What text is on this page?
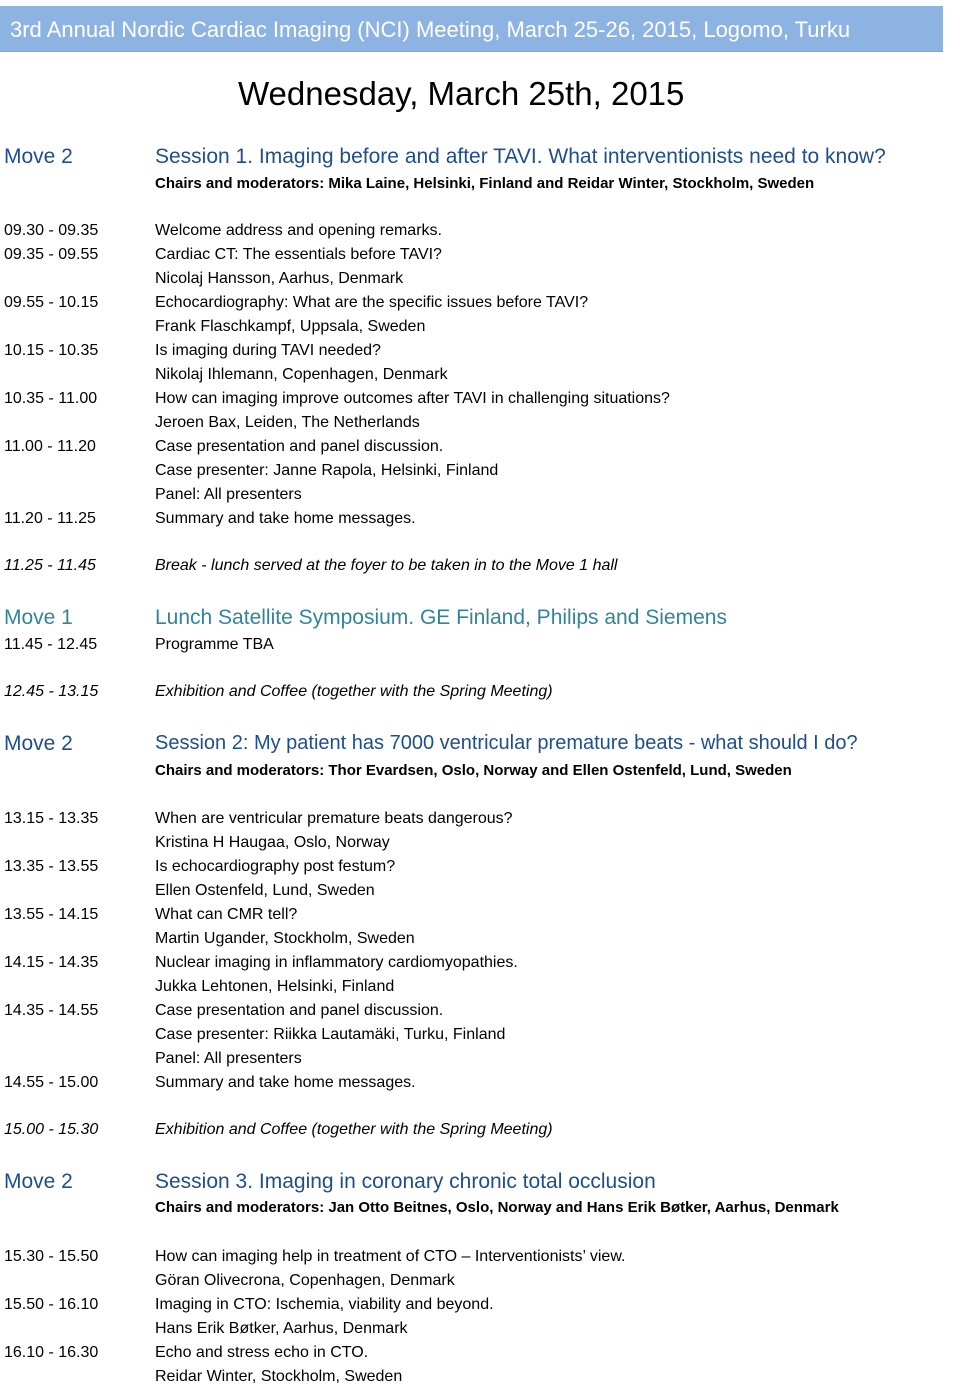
3rd Annual Nordic Cardiac Imaging (NCI) Meeting, March 25-26, 2015, Logomo, Turku
Wednesday, March 25th, 2015
Move 2	Session 1. Imaging before and after TAVI. What interventionists need to know?
Chairs and moderators: Mika Laine, Helsinki, Finland and Reidar Winter, Stockholm, Sweden
09.30 - 09.35	Welcome address and opening remarks.
09.35 - 09.55	Cardiac CT: The essentials before TAVI?
Nicolaj Hansson, Aarhus, Denmark
09.55 - 10.15	Echocardiography: What are the specific issues before TAVI?
Frank Flaschkampf, Uppsala, Sweden
10.15 - 10.35	Is imaging during TAVI needed?
Nikolaj Ihlemann, Copenhagen, Denmark
10.35 - 11.00	How can imaging improve outcomes after TAVI in challenging situations?
Jeroen Bax, Leiden, The Netherlands
11.00 - 11.20	Case presentation and panel discussion.
Case presenter: Janne Rapola, Helsinki, Finland
Panel: All presenters
11.20 - 11.25	Summary and take home messages.
11.25 - 11.45	Break - lunch served at the foyer to be taken in to the Move 1 hall
Move 1	Lunch Satellite Symposium. GE Finland, Philips and Siemens
11.45 - 12.45	Programme TBA
12.45 - 13.15	Exhibition and Coffee (together with the Spring Meeting)
Move 2	Session 2: My patient has 7000 ventricular premature beats - what should I do?
Chairs and moderators: Thor Evardsen, Oslo, Norway and Ellen Ostenfeld, Lund, Sweden
13.15 - 13.35	When are ventricular premature beats dangerous?
Kristina H Haugaa, Oslo, Norway
13.35 - 13.55	Is echocardiography post festum?
Ellen Ostenfeld, Lund, Sweden
13.55 - 14.15	What can CMR tell?
Martin Ugander, Stockholm, Sweden
14.15 - 14.35	Nuclear imaging in inflammatory cardiomyopathies.
Jukka Lehtonen, Helsinki, Finland
14.35 - 14.55	Case presentation and panel discussion.
Case presenter: Riikka Lautamäki, Turku, Finland
Panel: All presenters
14.55 - 15.00	Summary and take home messages.
15.00 - 15.30	Exhibition and Coffee (together with the Spring Meeting)
Move 2	Session 3. Imaging in coronary chronic total occlusion
Chairs and moderators: Jan Otto Beitnes, Oslo, Norway and Hans Erik Bøtker, Aarhus, Denmark
15.30 - 15.50	How can imaging help in treatment of CTO – Interventionists’ view.
Göran Olivecrona, Copenhagen, Denmark
15.50 - 16.10	Imaging in CTO: Ischemia, viability and beyond.
Hans Erik Bøtker, Aarhus, Denmark
16.10 - 16.30	Echo and stress echo in CTO.
Reidar Winter, Stockholm, Sweden
